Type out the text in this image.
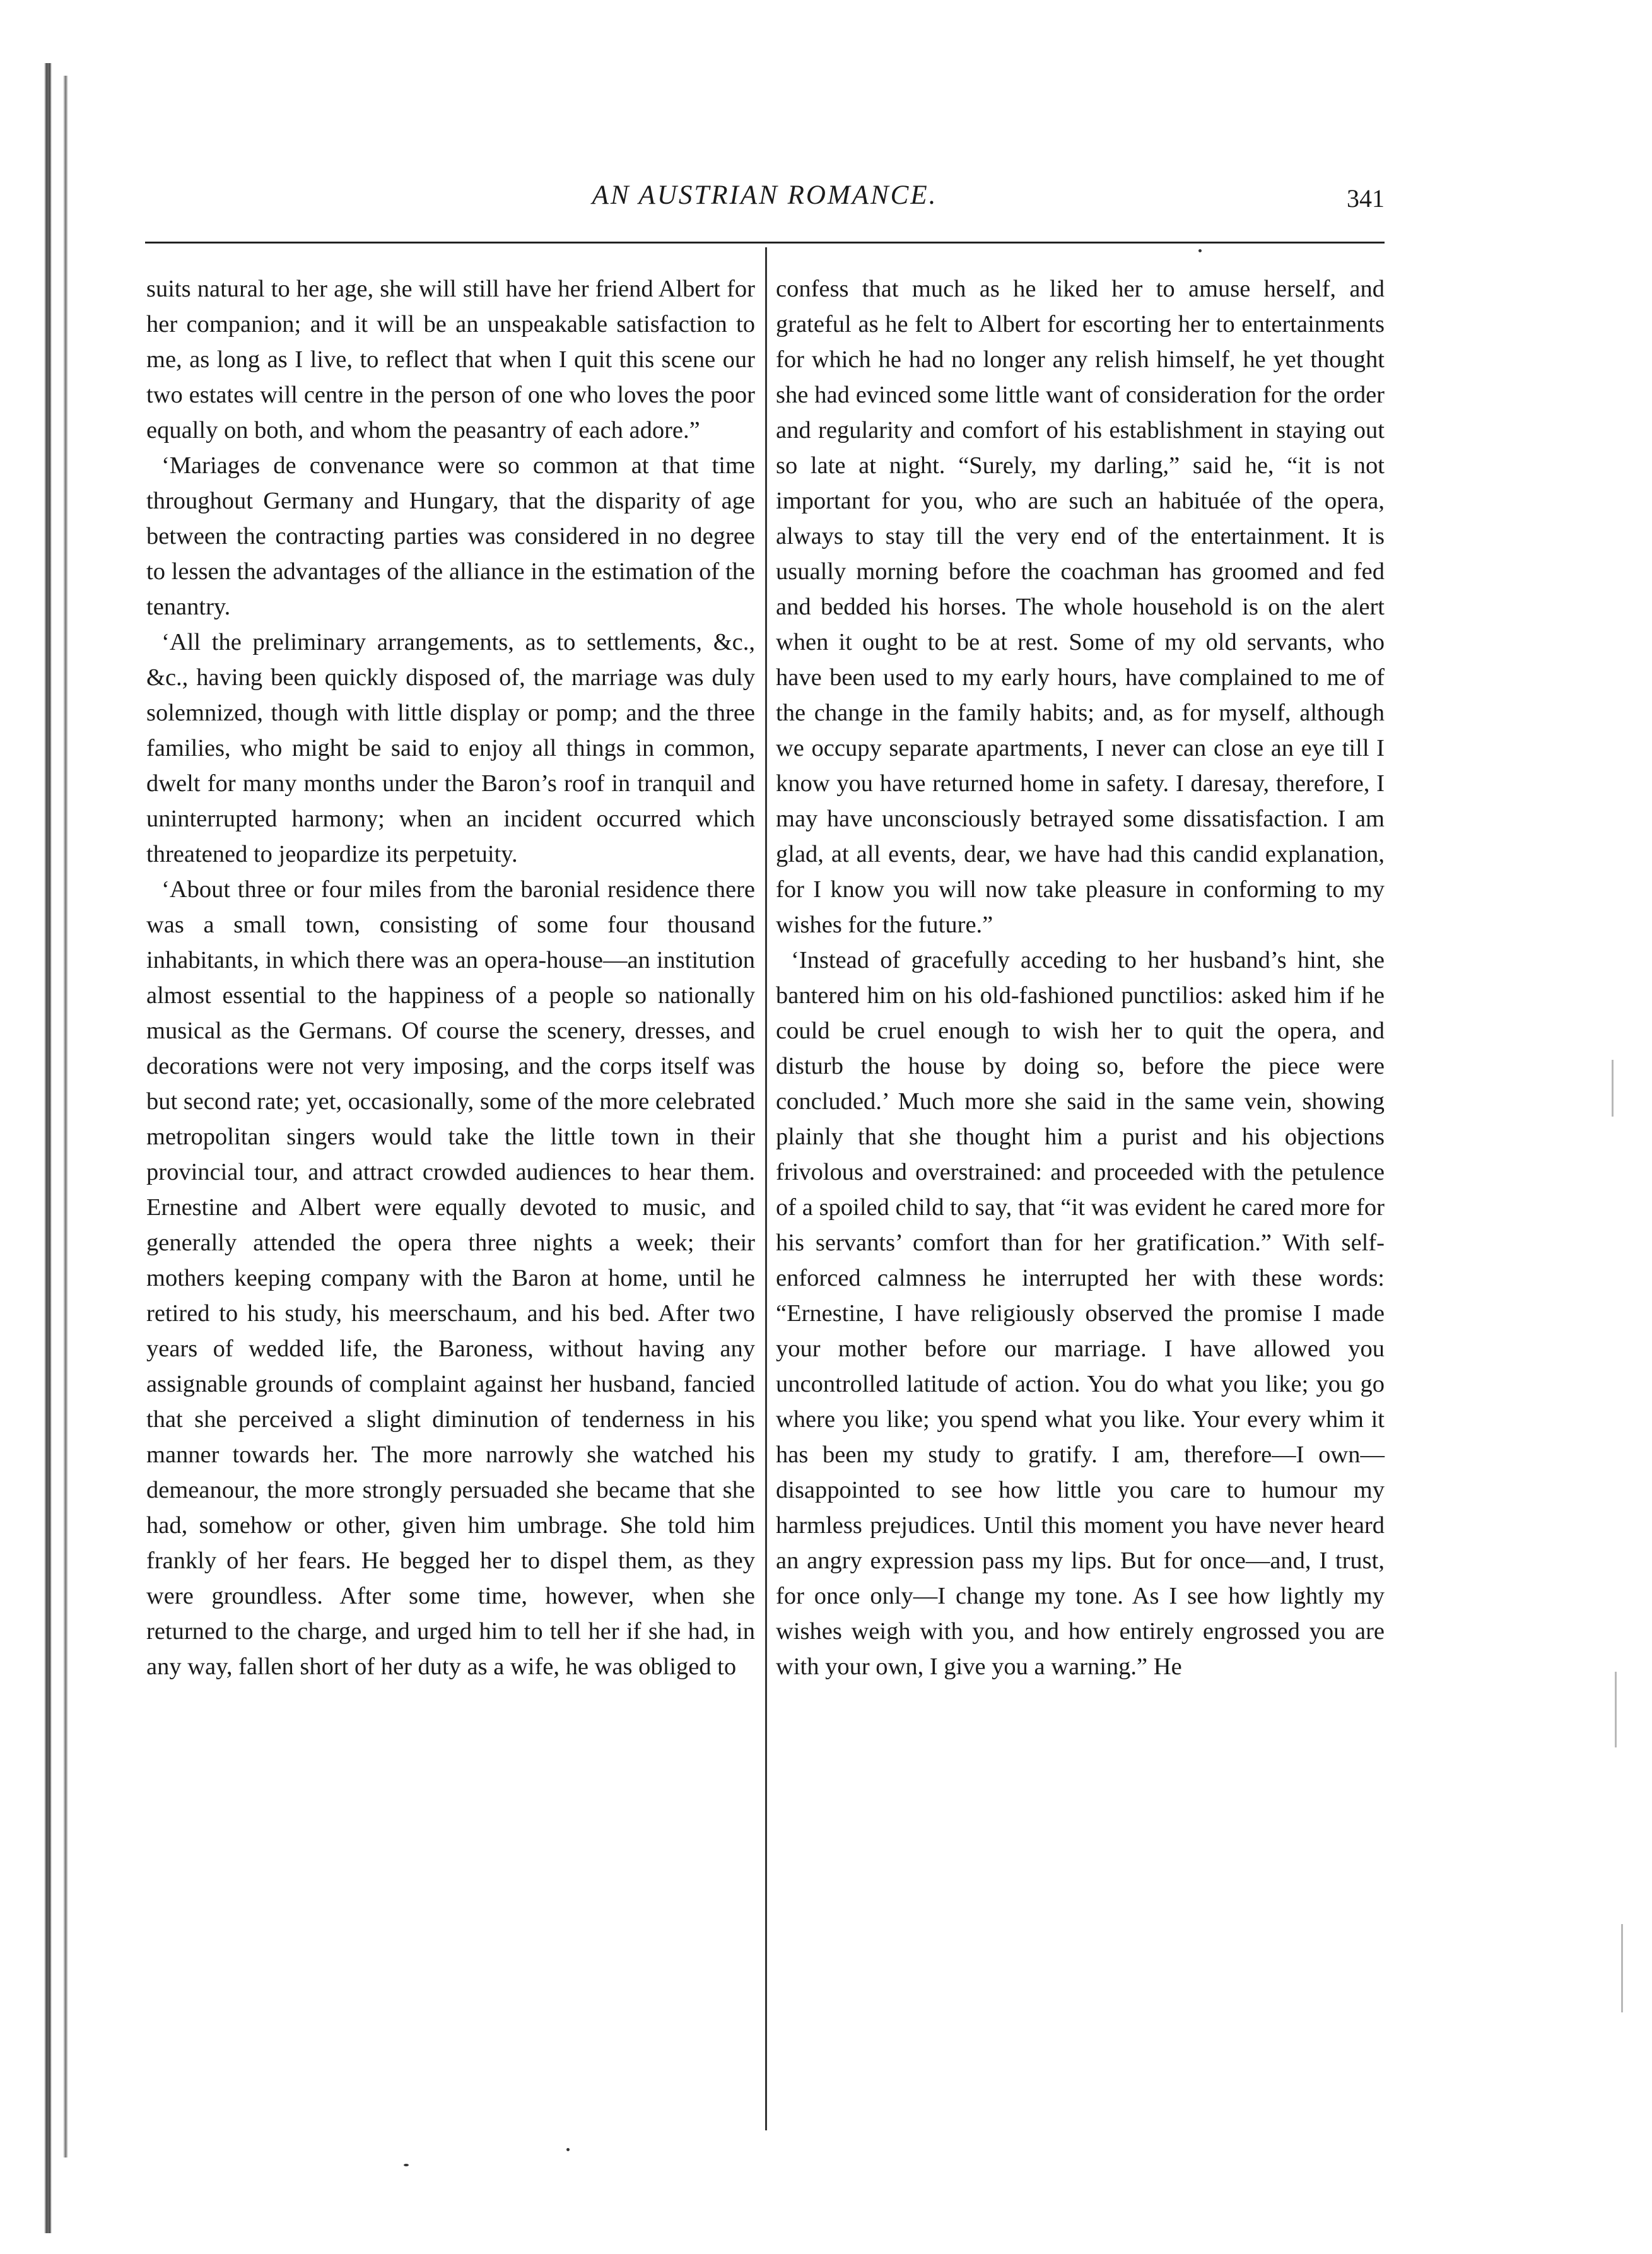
AN AUSTRIAN ROMANCE.	341

suits natural to her age, she will still have her friend Albert for her companion; and it will be an unspeakable satisfaction to me, as long as I live, to reflect that when I quit this scene our two estates will centre in the person of one who loves the poor equally on both, and whom the peasantry of each adore.”

‘Mariages de convenance were so common at that time throughout Germany and Hungary, that the disparity of age between the contracting parties was considered in no degree to lessen the advantages of the alliance in the estimation of the tenantry.

‘All the preliminary arrangements, as to settlements, &c., &c., having been quickly disposed of, the marriage was duly solemnized, though with little display or pomp; and the three families, who might be said to enjoy all things in common, dwelt for many months under the Baron’s roof in tranquil and uninterrupted harmony; when an incident occurred which threatened to jeopardize its perpetuity.

‘About three or four miles from the baronial residence there was a small town, consisting of some four thousand inhabitants, in which there was an opera-house—an institution almost essential to the happiness of a people so nationally musical as the Germans. Of course the scenery, dresses, and decorations were not very imposing, and the corps itself was but second rate; yet, occasionally, some of the more celebrated metropolitan singers would take the little town in their provincial tour, and attract crowded audiences to hear them. Ernestine and Albert were equally devoted to music, and generally attended the opera three nights a week; their mothers keeping company with the Baron at home, until he retired to his study, his meerschaum, and his bed. After two years of wedded life, the Baroness, without having any assignable grounds of complaint against her husband, fancied that she perceived a slight diminution of tenderness in his manner towards her. The more narrowly she watched his demeanour, the more strongly persuaded she became that she had, somehow or other, given him umbrage. She told him frankly of her fears. He begged her to dispel them, as they were groundless. After some time, however, when she returned to the charge, and urged him to tell her if she had, in any way, fallen short of her duty as a wife, he was obliged to

confess that much as he liked her to amuse herself, and grateful as he felt to Albert for escorting her to entertainments for which he had no longer any relish himself, he yet thought she had evinced some little want of consideration for the order and regularity and comfort of his establishment in staying out so late at night. “Surely, my darling,” said he, “it is not important for you, who are such an habituée of the opera, always to stay till the very end of the entertainment. It is usually morning before the coachman has groomed and fed and bedded his horses. The whole household is on the alert when it ought to be at rest. Some of my old servants, who have been used to my early hours, have complained to me of the change in the family habits; and, as for myself, although we occupy separate apartments, I never can close an eye till I know you have returned home in safety. I daresay, therefore, I may have unconsciously betrayed some dissatisfaction. I am glad, at all events, dear, we have had this candid explanation, for I know you will now take pleasure in conforming to my wishes for the future.”

‘Instead of gracefully acceding to her husband’s hint, she bantered him on his old-fashioned punctilios: asked him if he could be cruel enough to wish her to quit the opera, and disturb the house by doing so, before the piece were concluded.’ Much more she said in the same vein, showing plainly that she thought him a purist and his objections frivolous and overstrained: and proceeded with the petulence of a spoiled child to say, that “it was evident he cared more for his servants’ comfort than for her gratification.” With self-enforced calmness he interrupted her with these words: “Ernestine, I have religiously observed the promise I made your mother before our marriage. I have allowed you uncontrolled latitude of action. You do what you like; you go where you like; you spend what you like. Your every whim it has been my study to gratify. I am, therefore—I own—disappointed to see how little you care to humour my harmless prejudices. Until this moment you have never heard an angry expression pass my lips. But for once—and, I trust, for once only—I change my tone. As I see how lightly my wishes weigh with you, and how entirely engrossed you are with your own, I give you a warning.” He
